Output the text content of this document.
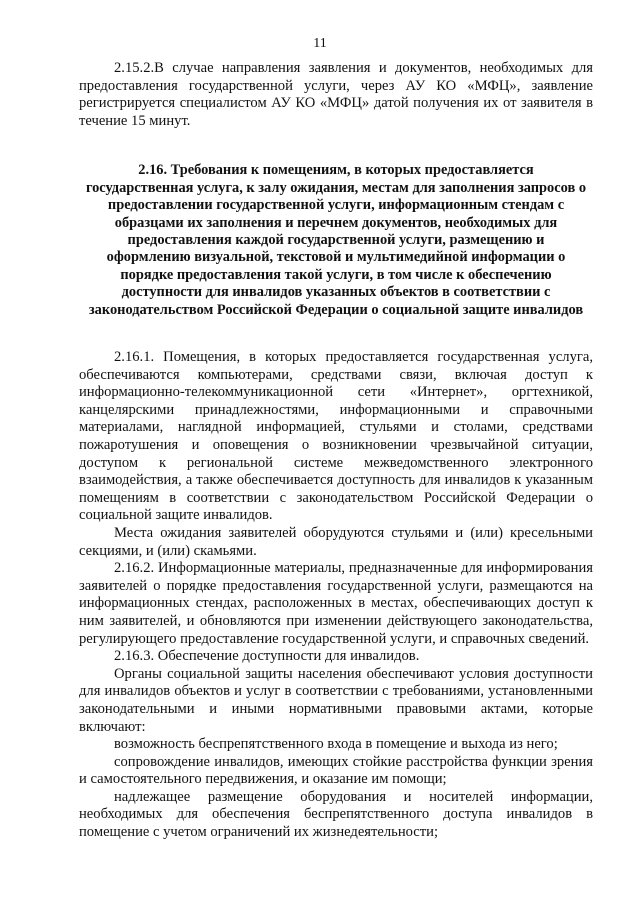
11

2.15.2.В случае направления заявления и документов, необходимых для предоставления государственной услуги, через АУ КО «МФЦ», заявление регистрируется специалистом АУ КО «МФЦ» датой получения их от заявителя в течение 15 минут.

2.16. Требования к помещениям, в которых предоставляется государственная услуга, к залу ожидания, местам для заполнения запросов о предоставлении государственной услуги, информационным стендам с образцами их заполнения и перечнем документов, необходимых для предоставления каждой государственной услуги, размещению и оформлению визуальной, текстовой и мультимедийной информации о порядке предоставления такой услуги, в том числе к обеспечению доступности для инвалидов указанных объектов в соответствии с законодательством Российской Федерации о социальной защите инвалидов

2.16.1. Помещения, в которых предоставляется государственная услуга, обеспечиваются компьютерами, средствами связи, включая доступ к информационно-телекоммуникационной сети «Интернет», оргтехникой, канцелярскими принадлежностями, информационными и справочными материалами, наглядной информацией, стульями и столами, средствами пожаротушения и оповещения о возникновении чрезвычайной ситуации, доступом к региональной системе межведомственного электронного взаимодействия, а также обеспечивается доступность для инвалидов к указанным помещениям в соответствии с законодательством Российской Федерации о социальной защите инвалидов.

Места ожидания заявителей оборудуются стульями и (или) кресельными секциями, и (или) скамьями.

2.16.2. Информационные материалы, предназначенные для информирования заявителей о порядке предоставления государственной услуги, размещаются на информационных стендах, расположенных в местах, обеспечивающих доступ к ним заявителей, и обновляются при изменении действующего законодательства, регулирующего предоставление государственной услуги, и справочных сведений.

2.16.3. Обеспечение доступности для инвалидов.

Органы социальной защиты населения обеспечивают условия доступности для инвалидов объектов и услуг в соответствии с требованиями, установленными законодательными и иными нормативными правовыми актами, которые включают:

возможность беспрепятственного входа в помещение и выхода из него;

сопровождение инвалидов, имеющих стойкие расстройства функции зрения и самостоятельного передвижения, и оказание им помощи;

надлежащее размещение оборудования и носителей информации, необходимых для обеспечения беспрепятственного доступа инвалидов в помещение с учетом ограничений их жизнедеятельности;
